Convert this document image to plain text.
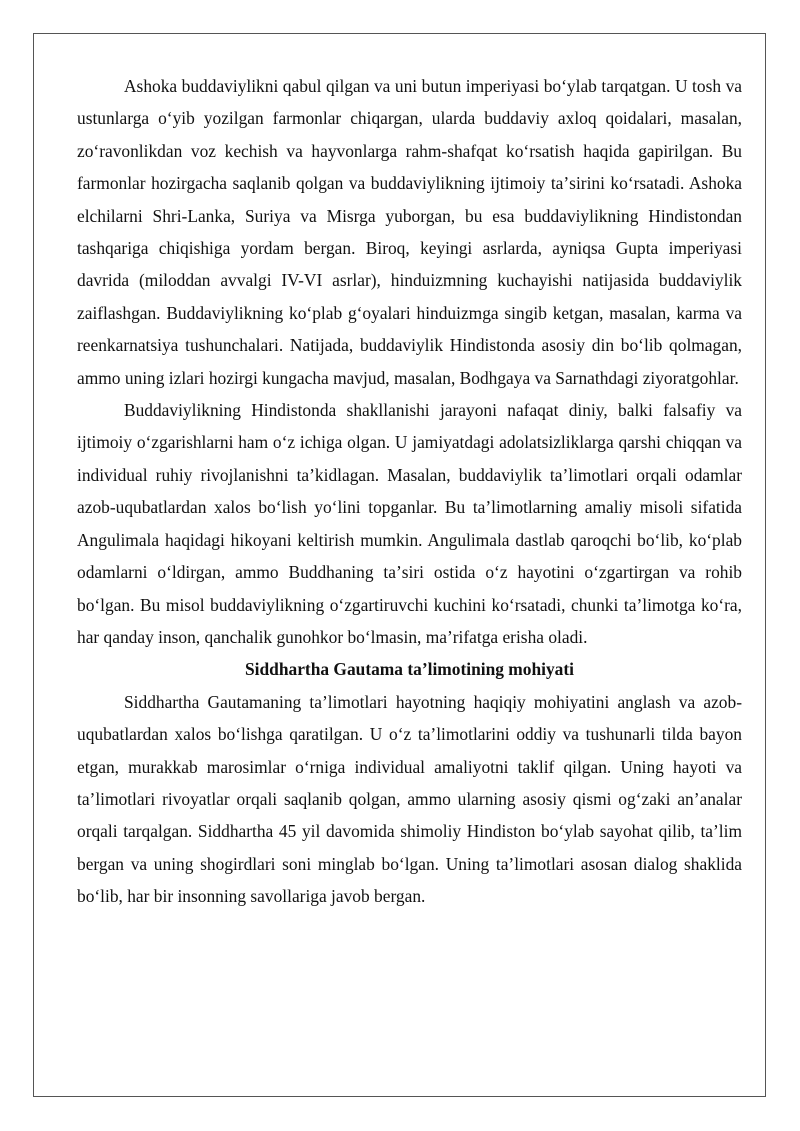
Ashoka buddaviylikni qabul qilgan va uni butun imperiyasi boʻylab tarqatgan. U tosh va ustunlarga oʻyib yozilgan farmonlar chiqargan, ularda buddaviy axloq qoidalari, masalan, zoʻravonlikdan voz kechish va hayvonlarga rahm-shafqat koʻrsatish haqida gapirilgan. Bu farmonlar hozirgacha saqlanib qolgan va buddaviylikning ijtimoiy taʼsirini koʻrsatadi. Ashoka elchilarni Shri-Lanka, Suriya va Misrga yuborgan, bu esa buddaviylikning Hindistondan tashqariga chiqishiga yordam bergan. Biroq, keyingi asrlarda, ayniqsa Gupta imperiyasi davrida (miloddan avvalgi IV-VI asrlar), hinduizmning kuchayishi natijasida buddaviylik zaiflashgan. Buddaviylikning koʻplab gʻoyalari hinduizmga singib ketgan, masalan, karma va reenkarnatsiya tushunchalari. Natijada, buddaviylik Hindistonda asosiy din boʻlib qolmagan, ammo uning izlari hozirgi kungacha mavjud, masalan, Bodhgaya va Sarnathdagi ziyoratgohlar.

Buddaviylikning Hindistonda shakllanishi jarayoni nafaqat diniy, balki falsafiy va ijtimoiy oʻzgarishlarni ham oʻz ichiga olgan. U jamiyatdagi adolatsizliklarga qarshi chiqqan va individual ruhiy rivojlanishni taʼkidlagan. Masalan, buddaviylik taʼlimotlari orqali odamlar azob-uqubatlardan xalos boʻlish yoʻlini topganlar. Bu taʼlimotlarning amaliy misoli sifatida Angulimala haqidagi hikoyani keltirish mumkin. Angulimala dastlab qaroqchi boʻlib, koʻplab odamlarni oʻldirgan, ammo Buddhaning taʼsiri ostida oʻz hayotini oʻzgartirgan va rohib boʻlgan. Bu misol buddaviylikning oʻzgartiruvchi kuchini koʻrsatadi, chunki taʼlimotga koʻra, har qanday inson, qanchalik gunohkor boʻlmasin, maʼrifatga erisha oladi.

Siddhartha Gautama taʼlimotining mohiyati

Siddhartha Gautamaning taʼlimotlari hayotning haqiqiy mohiyatini anglash va azob-uqubatlardan xalos boʻlishga qaratilgan. U oʻz taʼlimotlarini oddiy va tushunarli tilda bayon etgan, murakkab marosimlar oʻrniga individual amaliyotni taklif qilgan. Uning hayoti va taʼlimotlari rivoyatlar orqali saqlanib qolgan, ammo ularning asosiy qismi ogʻzaki anʼanalar orqali tarqalgan. Siddhartha 45 yil davomida shimoliy Hindiston boʻylab sayohat qilib, taʼlim bergan va uning shogirdlari soni minglab boʻlgan. Uning taʼlimotlari asosan dialog shaklida boʻlib, har bir insonning savollariga javob bergan.
